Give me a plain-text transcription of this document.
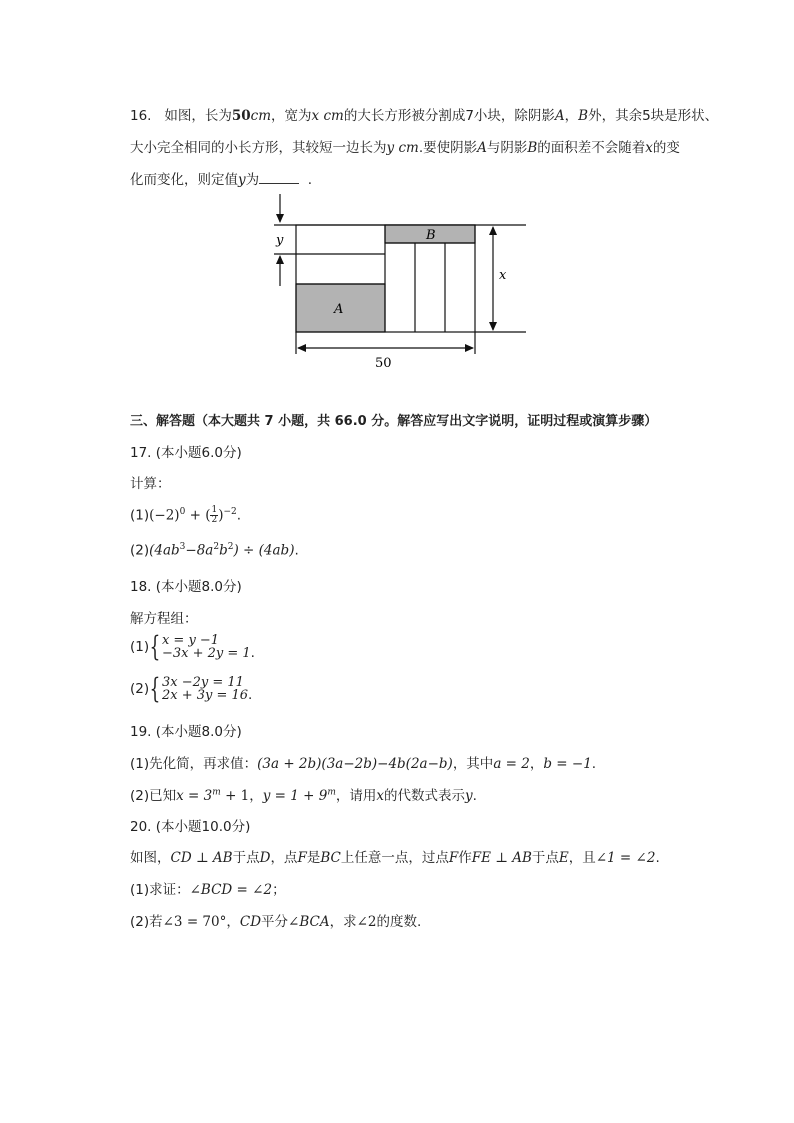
16. 如图，长为50cm，宽为x cm的大长方形被分割成7小块，除阴影A，B外，其余5块是形状、
大小完全相同的小长方形，其较短一边长为y cm.要使阴影A与阴影B的面积差不会随着x的变
化而变化，则定值y为	.
y
A
B
x
50
三、解答题（本大题共 7 小题，共 66.0 分。解答应写出文字说明，证明过程或演算步骤）
17. (本小题6.0分)
计算：
$(1)(-2)^0$ + ( $\frac{1}{2} )^{-2}$.
$(2)(4ab^3-8a^2b^2) \div (4ab)$.
18. (本小题8.0分)
解方程组：
(1){ x = y −1
−3x + 2y = 1 .
(2){ 3x −2y = 11
2x + 3y = 16 .
19. (本小题8.0分)
(1)先化简，再求值：(3a + 2b)(3a−2b)−4b(2a−b)，其中a = 2，b = −1.
(2)已知$x = 3^m + 1$，$y = 1 + 9^m$，请用x的代数式表示y.
20. (本小题10.0分)
如图，CD ⊥ AB于点D，点F是BC上任意一点，过点F作FE ⊥ AB于点E，且∠1 = ∠2.
(1)求证：∠BCD = ∠2；
(2)若∠3 = 70°，CD平分∠BCA，求∠2的度数.
